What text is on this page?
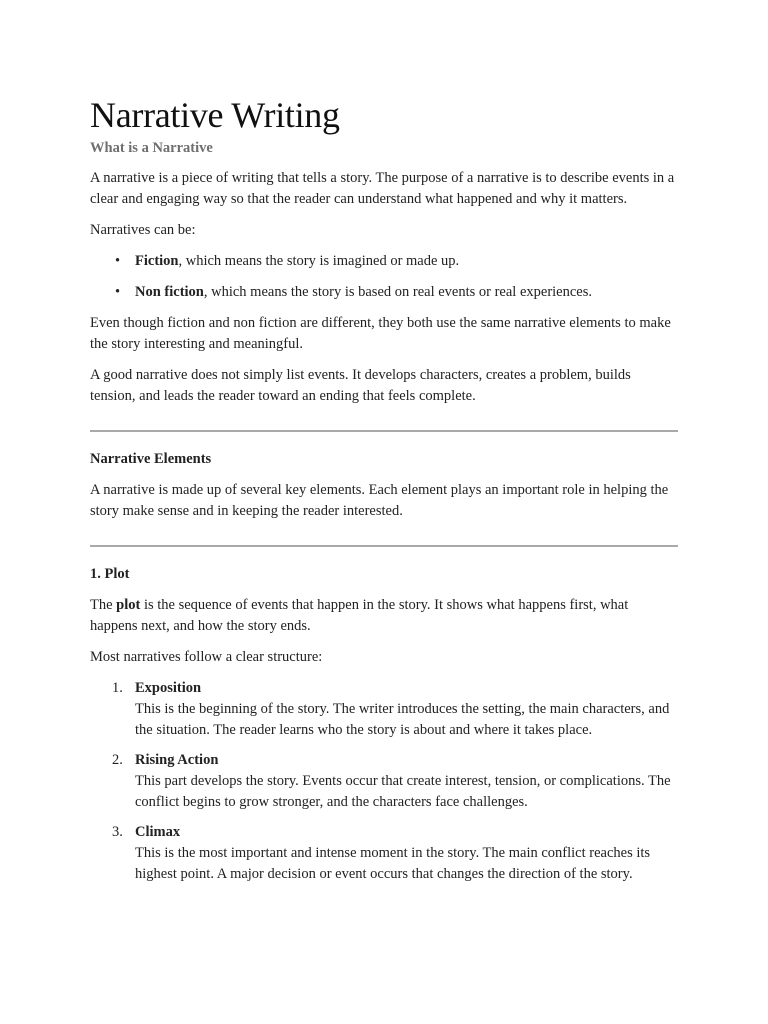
Narrative Writing
What is a Narrative

A narrative is a piece of writing that tells a story. The purpose of a narrative is to describe events in a clear and engaging way so that the reader can understand what happened and why it matters.

Narratives can be:

• Fiction, which means the story is imagined or made up.
• Non fiction, which means the story is based on real events or real experiences.

Even though fiction and non fiction are different, they both use the same narrative elements to make the story interesting and meaningful.

A good narrative does not simply list events. It develops characters, creates a problem, builds tension, and leads the reader toward an ending that feels complete.

Narrative Elements

A narrative is made up of several key elements. Each element plays an important role in helping the story make sense and in keeping the reader interested.

1. Plot

The plot is the sequence of events that happen in the story. It shows what happens first, what happens next, and how the story ends.

Most narratives follow a clear structure:

1. Exposition
This is the beginning of the story. The writer introduces the setting, the main characters, and the situation. The reader learns who the story is about and where it takes place.
2. Rising Action
This part develops the story. Events occur that create interest, tension, or complications. The conflict begins to grow stronger, and the characters face challenges.
3. Climax
This is the most important and intense moment in the story. The main conflict reaches its highest point. A major decision or event occurs that changes the direction of the story.
